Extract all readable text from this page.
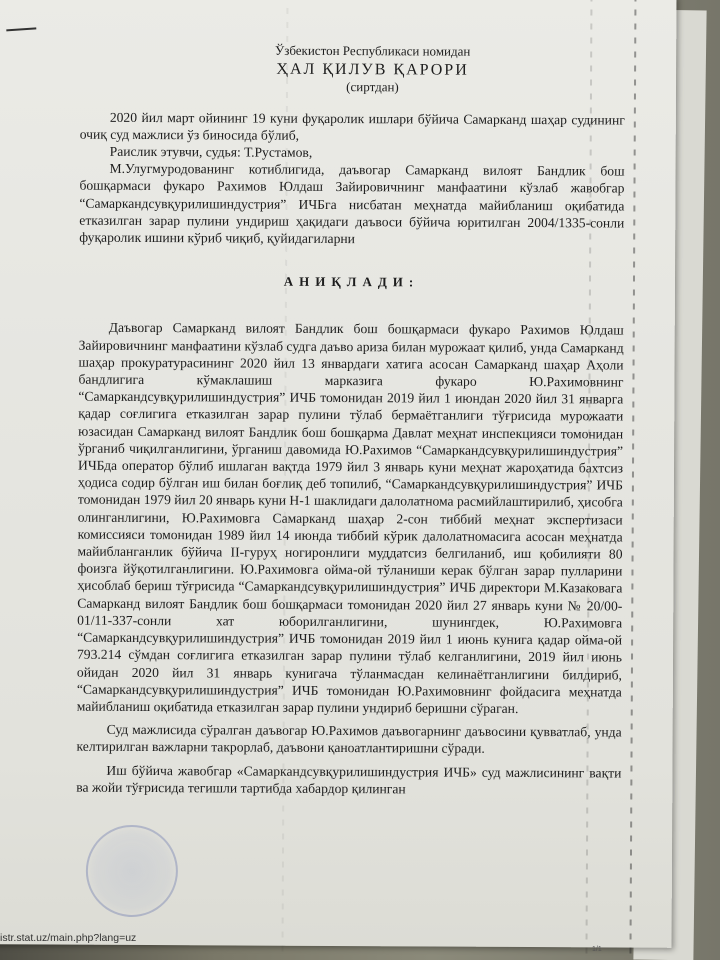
Ўзбекистон Республикаси номидан
ҲАЛ ҚИЛУВ ҚАРОРИ
(сиртдан)

2020 йил март ойининг 19 куни фуқаролик ишлари бўйича Самарканд шаҳар судининг очиқ суд мажлиси ўз биносида бўлиб,

Раислик этувчи, судья: Т.Рустамов,

М.Улугмуродованинг котиблигида, даъвогар Самарканд вилоят Бандлик бош бошқармаси фукаро Рахимов Юлдаш Зайировичнинг манфаатини кўзлаб жавобгар “Самаркандсувқурилишиндустрия” ИЧБга нисбатан меҳнатда майибланиш оқибатида етказилган зарар пулини ундириш ҳақидаги даъвоси бўйича юритилган 2004/1335-сонли фуқаролик ишини кўриб чиқиб, қуйидагиларни

АНИҚЛАДИ:

Даъвогар Самарканд вилоят Бандлик бош бошқармаси фукаро Рахимов Юлдаш Зайировичнинг манфаатини кўзлаб судга даъво ариза билан мурожаат қилиб, унда Самарканд шаҳар прокуратурасининг 2020 йил 13 январдаги хатига асосан Самарканд шаҳар Аҳоли бандлигига кўмаклашиш марказига фукаро Ю.Рахимовнинг “Самаркандсувқурилишиндустрия” ИЧБ томонидан 2019 йил 1 июндан 2020 йил 31 январга қадар соғлигига етказилган зарар пулини тўлаб бермаётганлиги тўғрисида мурожаати юзасидан Самарканд вилоят Бандлик бош бошқарма Давлат меҳнат инспекцияси томонидан ўрганиб чиқилганлигини, ўрганиш давомида Ю.Рахимов “Самаркандсувқурилишиндустрия” ИЧБда оператор бўлиб ишлаган вақтда 1979 йил 3 январь куни меҳнат жароҳатида бахтсиз ҳодиса содир бўлган иш билан боғлиқ деб топилиб, “Самаркандсувқурилишиндустрия” ИЧБ томонидан 1979 йил 20 январь куни Н-1 шаклидаги далолатнома расмийлаштирилиб, ҳисобга олинганлигини, Ю.Рахимовга Самарканд шаҳар 2-сон тиббий меҳнат экспертизаси комиссияси томонидан 1989 йил 14 июнда тиббий кўрик далолатномасига асосан меҳнатда майибланганлик бўйича II-гуруҳ ногиронлиги муддатсиз белгиланиб, иш қобилияти 80 фоизга йўқотилганлигини. Ю.Рахимовга ойма-ой тўланиши керак бўлган зарар пулларини ҳисоблаб бериш тўғрисида “Самаркандсувқурилишиндустрия” ИЧБ директори М.Казаковага Самарканд вилоят Бандлик бош бошқармаси томонидан 2020 йил 27 январь куни № 20/00-01/11-337-сонли хат юборилганлигини, шунингдек, Ю.Рахимовга “Самаркандсувқурилишиндустрия” ИЧБ томонидан 2019 йил 1 июнь кунига қадар ойма-ой 793.214 сўмдан соғлигига етказилган зарар пулини тўлаб келганлигини, 2019 йил июнь ойидан 2020 йил 31 январь кунигача тўланмасдан келинаётганлигини билдириб, “Самаркандсувқурилишиндустрия” ИЧБ томонидан Ю.Рахимовнинг фойдасига меҳнатда майибланиш оқибатида етказилган зарар пулини ундириб беришни сўраган.

Суд мажлисида сўралган даъвогар Ю.Рахимов даъвогарнинг даъвосини қувватлаб, унда келтирилган важларни такрорлаб, даъвони қаноатлантиришни сўради.

Иш бўйича жавобгар «Самаркандсувқурилишиндустрия ИЧБ» суд мажлисининг вақти ва жойи тўғрисида тегишли тартибда хабардор қилинган

istr.stat.uz/main.php?lang=uz
1/1
